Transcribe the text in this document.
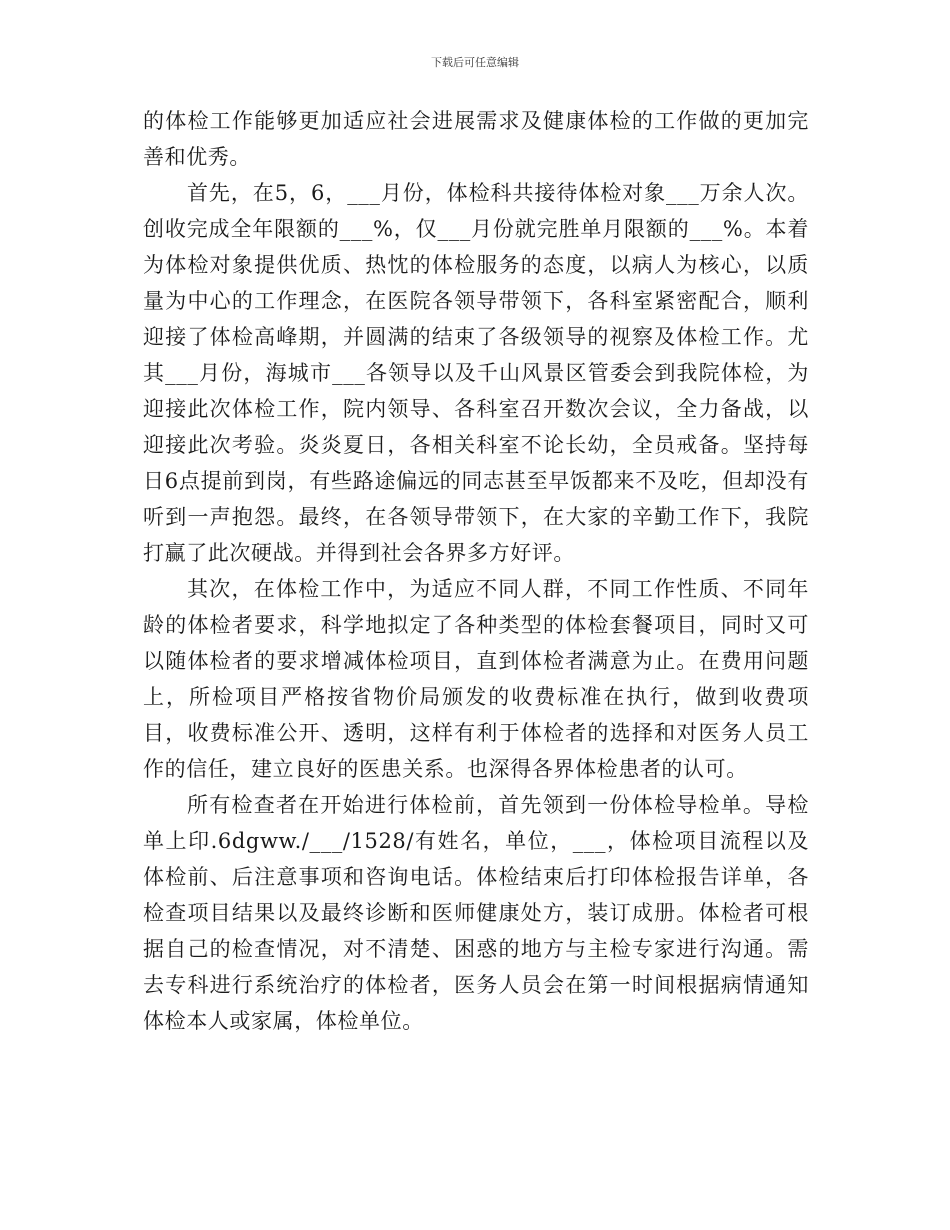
下载后可任意编辑

的体检工作能够更加适应社会进展需求及健康体检的工作做的更加完善和优秀。

首先，在5，6，___月份，体检科共接待体检对象___万余人次。创收完成全年限额的___%，仅___月份就完胜单月限额的___%。本着为体检对象提供优质、热忱的体检服务的态度，以病人为核心，以质量为中心的工作理念，在医院各领导带领下，各科室紧密配合，顺利迎接了体检高峰期，并圆满的结束了各级领导的视察及体检工作。尤其___月份，海城市___各领导以及千山风景区管委会到我院体检，为迎接此次体检工作，院内领导、各科室召开数次会议，全力备战，以迎接此次考验。炎炎夏日，各相关科室不论长幼，全员戒备。坚持每日6点提前到岗，有些路途偏远的同志甚至早饭都来不及吃，但却没有听到一声抱怨。最终，在各领导带领下，在大家的辛勤工作下，我院打赢了此次硬战。并得到社会各界多方好评。

其次，在体检工作中，为适应不同人群，不同工作性质、不同年龄的体检者要求，科学地拟定了各种类型的体检套餐项目，同时又可以随体检者的要求增减体检项目，直到体检者满意为止。在费用问题上，所检项目严格按省物价局颁发的收费标准在执行，做到收费项目，收费标准公开、透明，这样有利于体检者的选择和对医务人员工作的信任，建立良好的医患关系。也深得各界体检患者的认可。

所有检查者在开始进行体检前，首先领到一份体检导检单。导检单上印.6dgww./___/1528/有姓名，单位，___，体检项目流程以及体检前、后注意事项和咨询电话。体检结束后打印体检报告详单，各检查项目结果以及最终诊断和医师健康处方，装订成册。体检者可根据自己的检查情况，对不清楚、困惑的地方与主检专家进行沟通。需去专科进行系统治疗的体检者，医务人员会在第一时间根据病情通知体检本人或家属，体检单位。
